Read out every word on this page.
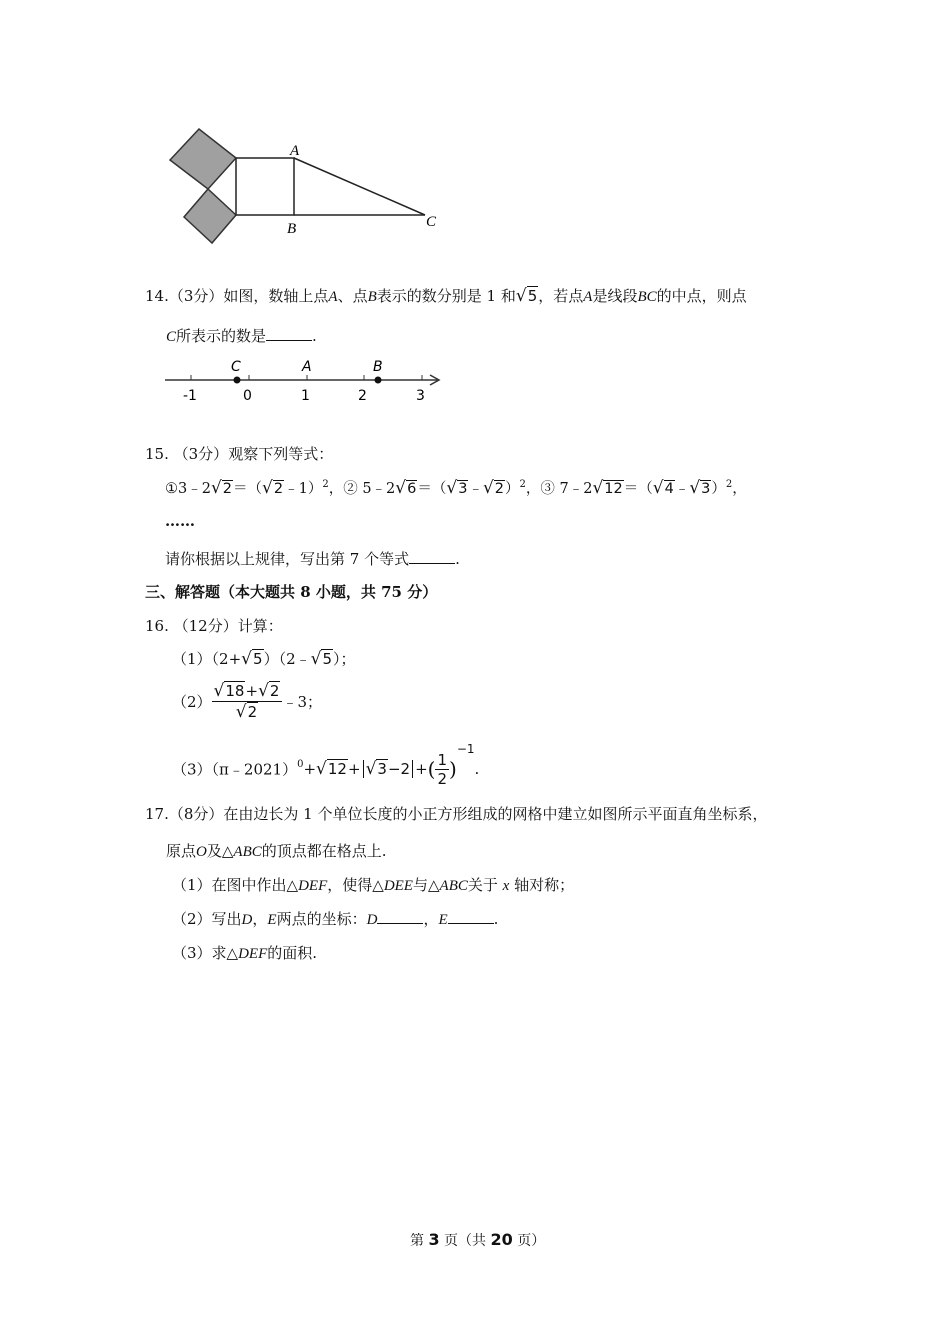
A
B	C
14.（3分）如图，数轴上点A、点B表示的数分别是 1 和√5，若点A是线段BC的中点，则点
C所表示的数是	.
C	A	B
-1	0	1	2	3
15. （3分）观察下列等式：
①3﹣2√2＝（√2﹣1）$^2$，② 5﹣2√6＝（√3﹣√2）$^2$，③ 7﹣2√12＝（√4﹣√3）$^2$，
……
请你根据以上规律，写出第 7 个等式	.
三、解答题（本大题共 8 小题，共 75 分）
16. （12分）计算：
（1）（2+√5）（2﹣√5）；
$(2) \frac{√18+√2}{√2}$ ﹣3；
（3）（π﹣2021）$^0$+√12+ √3−2 +( $\frac{1}{2} )^{-1}$.
17.（8分）在由边长为 1 个单位长度的小正方形组成的网格中建立如图所示平面直角坐标系，
原点O及△ABC的顶点都在格点上.
（1）在图中作出△DEF，使得△DEE与△ABC关于 x 轴对称；
（2）写出D，E两点的坐标：D	，E	.
（3）求△DEF的面积.
第 3 页（共 20 页）
